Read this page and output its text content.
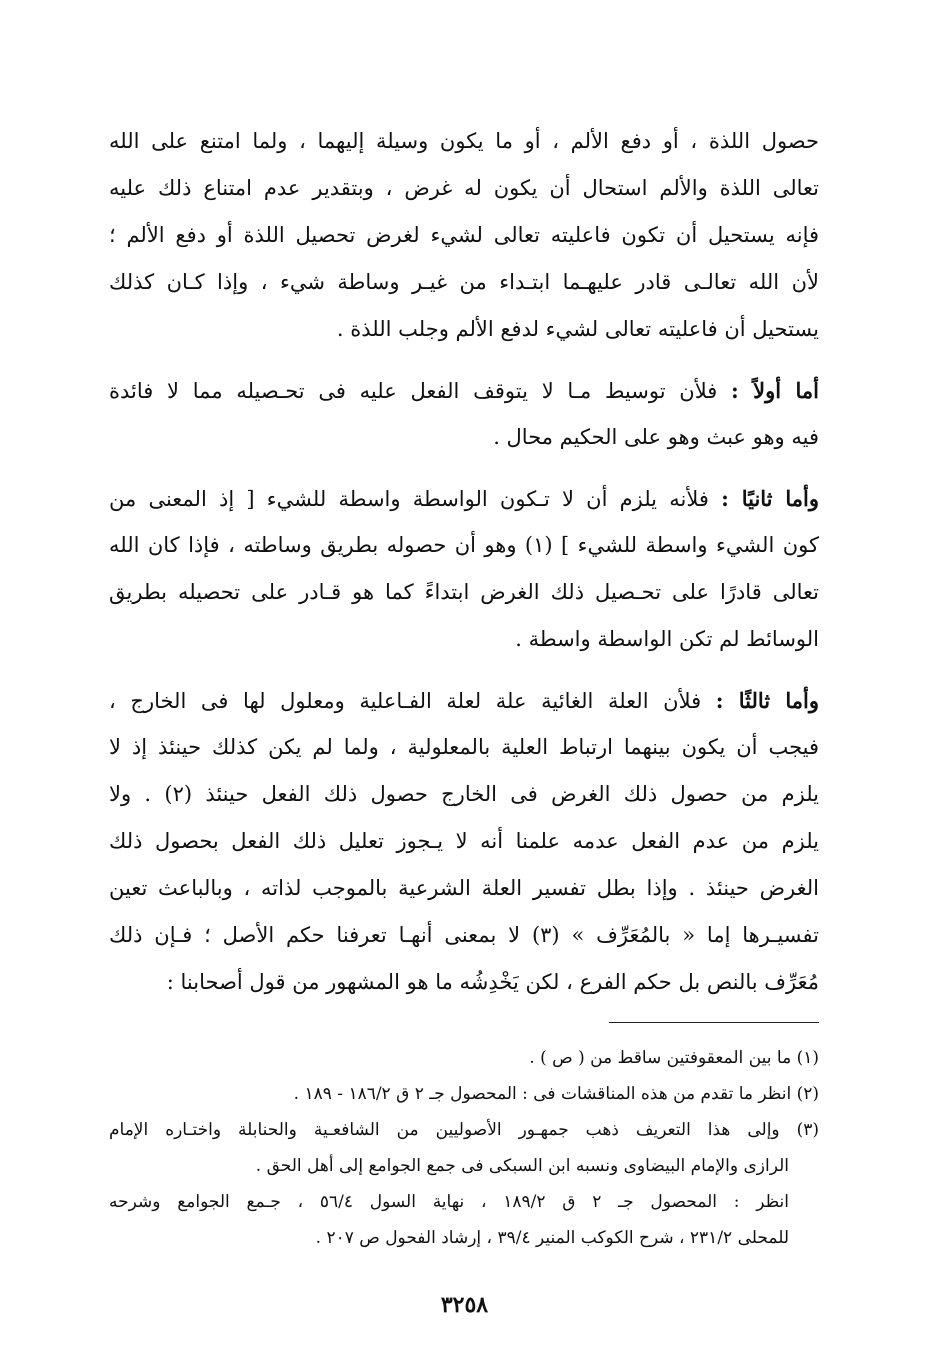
حصول اللذة ، أو دفع الألم ، أو ما يكون وسيلة إليهما ، ولما امتنع على الله
تعالى اللذة والألم استحال أن يكون له غرض ، وبتقدير عدم امتناع ذلك عليه
فإنه يستحيل أن تكون فاعليته تعالى لشيء لغرض تحصيل اللذة أو دفع الألم ؛
لأن الله تعالـى قادر عليهـما ابتـداء من غيـر وساطة شيء ، وإذا كـان كذلك
يستحيل أن فاعليته تعالى لشيء لدفع الألم وجلب اللذة .
أما أولاً : فلأن توسيط مـا لا يتوقف الفعل عليه فى تحـصيله مما لا فائدة
فيه وهو عبث وهو على الحكيم محال .
وأما ثانيًا : فلأنه يلزم أن لا تـكون الواسطة واسطة للشيء [ إذ المعنى من
كون الشيء واسطة للشيء ] (١) وهو أن حصوله بطريق وساطته ، فإذا كان الله
تعالى قادرًا على تحـصيل ذلك الغرض ابتداءً كما هو قـادر على تحصيله بطريق
الوسائط لم تكن الواسطة واسطة .
وأما ثالثًا : فلأن العلة الغائية علة لعلة الفـاعلية ومعلول لها فى الخارج ،
فيجب أن يكون بينهما ارتباط العلية بالمعلولية ، ولما لم يكن كذلك حينئذ إذ لا
يلزم من حصول ذلك الغرض فى الخارج حصول ذلك الفعل حينئذ (٢) . ولا
يلزم من عدم الفعل عدمه علمنا أنه لا يـجوز تعليل ذلك الفعل بحصول ذلك
الغرض حينئذ . وإذا بطل تفسير العلة الشرعية بالموجب لذاته ، وبالباعث تعين
تفسيـرها إما « بالمُعَرِّف » (٣) لا بمعنى أنهـا تعرفنا حكم الأصل ؛ فـإن ذلك
مُعَرِّف بالنص بل حكم الفرع ، لكن يَخْدِشُه ما هو المشهور من قول أصحابنا :
(١) ما بين المعقوفتين ساقط من ( ص ) .
(٢) انظر ما تقدم من هذه المناقشات فى : المحصول جـ ٢ ق ١٨٦/٢ - ١٨٩ .
(٣) وإلى هذا التعريف ذهب جمهـور الأصوليين من الشافعـية والحنابلة واختـاره الإمام
الرازى والإمام البيضاوى ونسبه ابن السبكى فى جمع الجوامع إلى أهل الحق .
انظر : المحصول جـ ٢ ق ١٨٩/٢ ، نهاية السول ٥٦/٤ ، جـمع الجوامع وشرحه
للمحلى ٢٣١/٢ ، شرح الكوكب المنير ٣٩/٤ ، إرشاد الفحول ص ٢٠٧ .
٣٢٥٨
